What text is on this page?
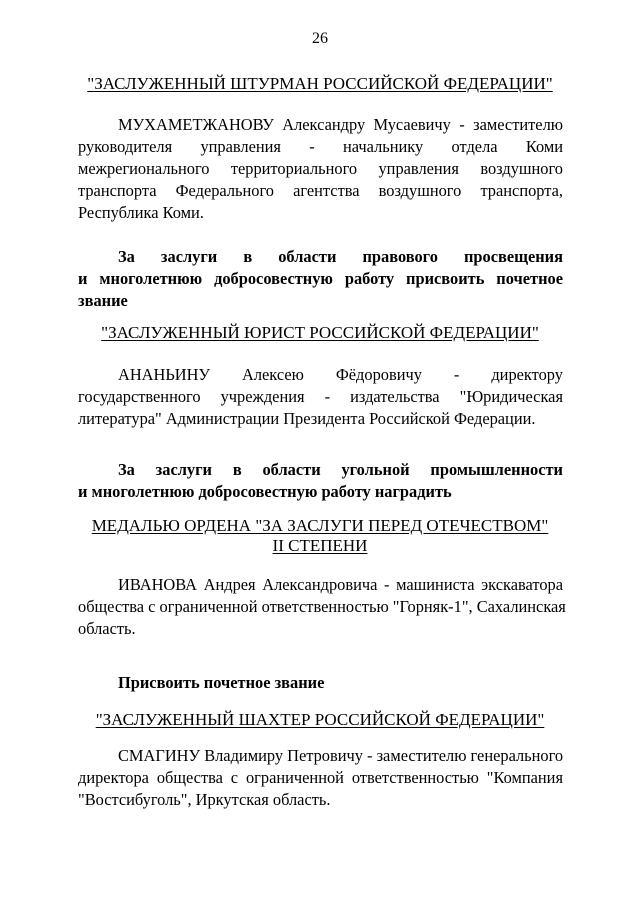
26
"ЗАСЛУЖЕННЫЙ ШТУРМАН РОССИЙСКОЙ ФЕДЕРАЦИИ"
МУХАМЕТЖАНОВУ Александру Мусаевичу - заместителю
руководителя управления - начальнику отдела Коми
межрегионального территориального управления воздушного
транспорта Федерального агентства воздушного транспорта,
Республика Коми.
За заслуги в области правового просвещения
и многолетнюю добросовестную работу присвоить почетное
звание
"ЗАСЛУЖЕННЫЙ ЮРИСТ РОССИЙСКОЙ ФЕДЕРАЦИИ"
АНАНЬИНУ Алексею Фёдоровичу - директору
государственного учреждения - издательства "Юридическая
литература" Администрации Президента Российской Федерации.
За заслуги в области угольной промышленности
и многолетнюю добросовестную работу наградить
МЕДАЛЬЮ ОРДЕНА "ЗА ЗАСЛУГИ ПЕРЕД ОТЕЧЕСТВОМ"
II СТЕПЕНИ
ИВАНОВА Андрея Александровича - машиниста экскаватора
общества с ограниченной ответственностью "Горняк-1", Сахалинская
область.
Присвоить почетное звание
"ЗАСЛУЖЕННЫЙ ШАХТЕР РОССИЙСКОЙ ФЕДЕРАЦИИ"
СМАГИНУ Владимиру Петровичу - заместителю генерального
директора общества с ограниченной ответственностью "Компания
"Востсибуголь", Иркутская область.
